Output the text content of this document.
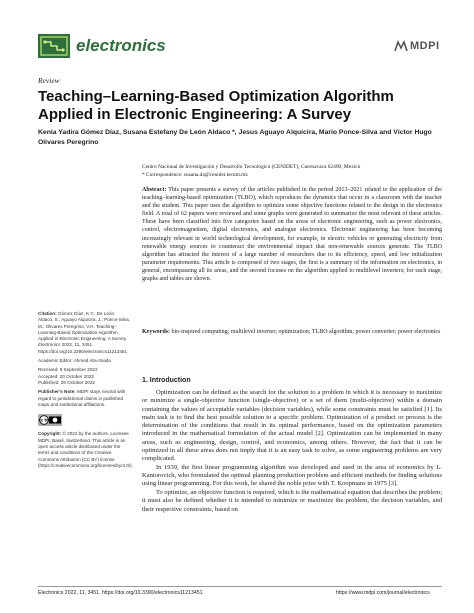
electronics	MDPI
Review
Teaching–Learning-Based Optimization Algorithm Applied in Electronic Engineering: A Survey
Kenia Yadira Gómez Díaz, Susana Estefany De León Aldaco *, Jesus Aguayo Alquicira, Mario Ponce-Silva and Víctor Hugo Olivares Peregrino

Centro Nacional de Investigación y Desarrollo Tecnológico (CENIDET), Cuernavaca 62490, Mexico

* Correspondence: susana.da@cenidet.tecnm.mx

Abstract: This paper presents a survey of the articles published in the period 2013–2021 related to the application of the teaching–learning-based optimization (TLBO), which reproduces the dynamics that occur in a classroom with the teacher and the student. This paper uses the algorithm to optimize some objective functions related to the design in the electronics field. A total of 62 papers were reviewed and some graphs were generated to summarize the most relevant of these articles. These have been classified into five categories based on the areas of electronic engineering, such as power electronics, control, electromagnetism, digital electronics, and analogue electronics. Electronic engineering has been becoming increasingly relevant in world technological development, for example, in electric vehicles or generating electricity from renewable energy sources to counteract the environmental impact that non-renewable sources generate. The TLBO algorithm has attracted the interest of a large number of researchers due to its efficiency, speed, and low initialization parameter requirements. This article is composed of two stages, the first is a summary of the information on electronics, in general, encompassing all its areas, and the second focuses on the algorithm applied to multilevel inverters; for each stage, graphs and tables are shown.
Keywords: bio-inspired computing; multilevel inverter; optimization; TLBO algorithm; power converter; power electronics

Citation: Gómez Díaz, K.Y.; De León Aldaco, S.; Aguayo Alquicira, J.; Ponce-Silva, M.; Olivares Peregrino, V.H. Teaching–Learning-Based Optimization Algorithm Applied in Electronic Engineering: A Survey. Electronics 2022, 11, 3451. https://doi.org/10.3390/electronics11213451

Academic Editor: Ahmed Abu-Siada

Received: 9 September 2022
Accepted: 20 October 2022

Published: 25 October 2022

Publisher’s Note: MDPI stays neutral with regard to jurisdictional claims in published maps and institutional affiliations.

cc by

Copyright: © 2022 by the authors. Licensee MDPI, Basel, Switzerland. This article is an open access article distributed under the terms and conditions of the Creative Commons Attribution (CC BY) license (https://creativecommons.org/licenses/by/4.0/).

1. Introduction

Optimization can be defined as the search for the solution to a problem in which it is necessary to maximize or minimize a single-objective function (single-objective) or a set of them (multi-objective) within a domain containing the values of acceptable variables (decision variables), while some constraints must be satisfied [1]. Its main task is to find the best possible solution to a specific problem. Optimization of a product or process is the determination of the conditions that result in its optimal performance, based on the optimization parameters introduced in the mathematical formulation of the actual model [2]. Optimization can be implemented in many areas, such as engineering, design, control, and economics, among others. However, the fact that it can be optimized in all these areas does not imply that it is an easy task to solve, as some engineering problems are very complicated.

In 1939, the first linear programming algorithm was developed and used in the area of economics by L. Kantorovich, who formulated the optimal planning production problem and efficient methods for finding solutions using linear programming. For this work, he shared the noble prize with T. Koopmans in 1975 [3].

To optimize, an objective function is required, which is the mathematical equation that describes the problem; it must also be defined whether it is intended to minimize or maximize the problem, the decision variables, and their respective constraints, based on

Electronics 2022, 11, 3451. https://doi.org/10.3390/electronics11213451	https://www.mdpi.com/journal/electronics
